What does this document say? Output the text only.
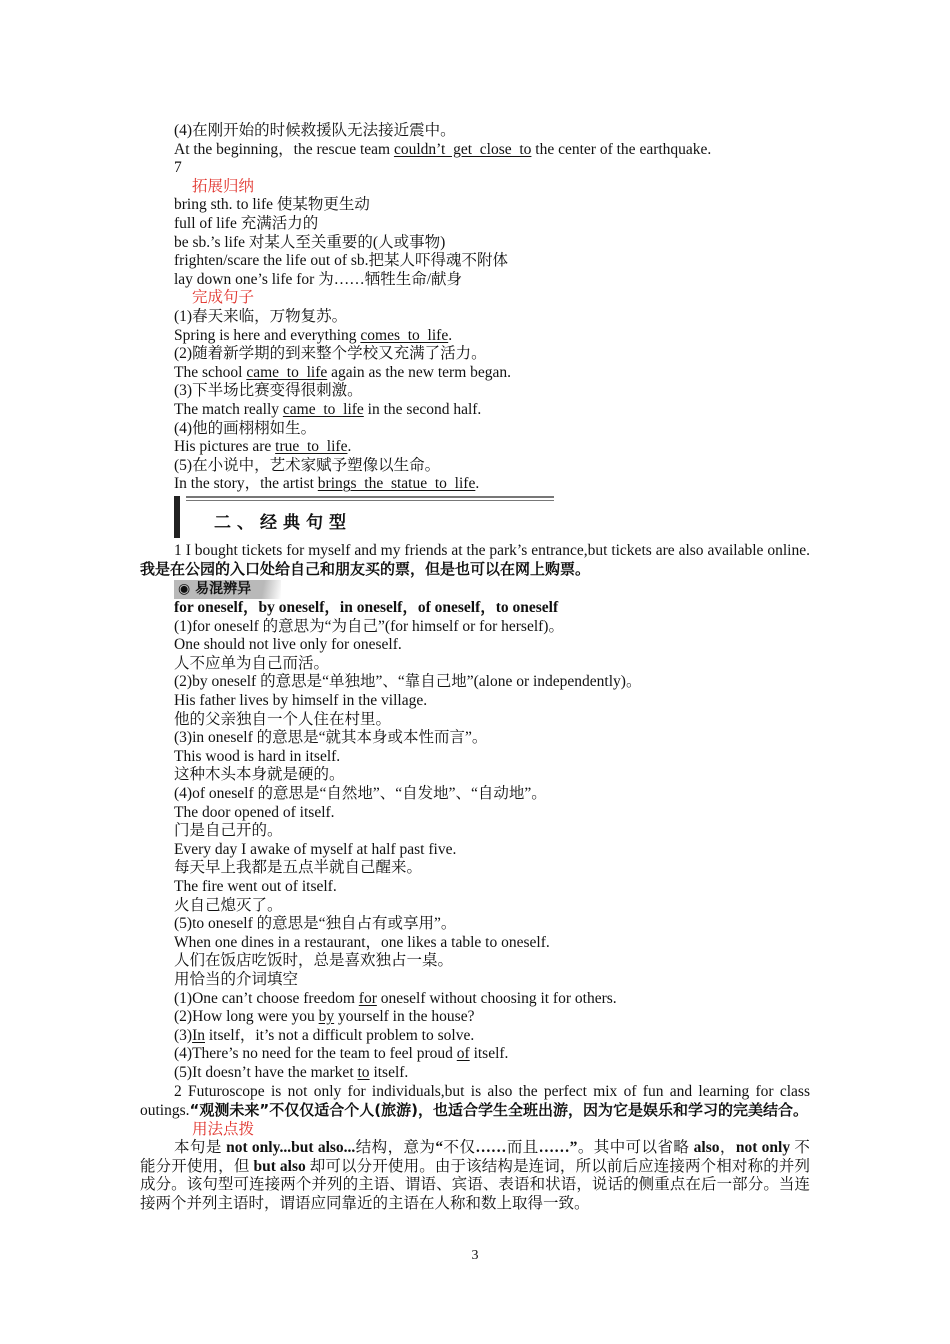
(4)在刚开始的时候救援队无法接近震中。
At the beginning，the rescue team couldn’t  get  close  to the center of the earthquake.
7
拓展归纳
bring sth. to life 使某物更生动
full of life 充满活力的
be sb.’s life 对某人至关重要的(人或事物)
frighten/scare the life out of sb.把某人吓得魂不附体
lay down one’s life for 为……牺牲生命/献身
完成句子
(1)春天来临，万物复苏。
Spring is here and everything comes  to  life.
(2)随着新学期的到来整个学校又充满了活力。
The school came  to  life again as the new term began.
(3)下半场比赛变得很刺激。
The match really came  to  life in the second half.
(4)他的画栩栩如生。
His pictures are true  to  life.
(5)在小说中，艺术家赋予塑像以生命。
In the story，the artist brings  the  statue  to  life.
二、经典句型
1 I bought tickets for myself and my friends at the park’s entrance,but tickets are also available online.我是在公园的入口处给自己和朋友买的票，但是也可以在网上购票。
◉ 易混辨异
for oneself，by oneself，in oneself，of oneself，to oneself
(1)for oneself 的意思为“为自己”(for himself or for herself)。
One should not live only for oneself.
人不应单为自己而活。
(2)by oneself 的意思是“单独地”、“靠自己地”(alone or independently)。
His father lives by himself in the village.
他的父亲独自一个人住在村里。
(3)in oneself 的意思是“就其本身或本性而言”。
This wood is hard in itself.
这种木头本身就是硬的。
(4)of oneself 的意思是“自然地”、“自发地”、“自动地”。
The door opened of itself.
门是自己开的。
Every day I awake of myself at half past five.
每天早上我都是五点半就自己醒来。
The fire went out of itself.
火自己熄灭了。
(5)to oneself 的意思是“独自占有或享用”。
When one dines in a restaurant，one likes a table to oneself.
人们在饭店吃饭时，总是喜欢独占一桌。
用恰当的介词填空
(1)One can’t choose freedom for oneself without choosing it for others.
(2)How long were you by yourself in the house?
(3)In itself，it’s not a difficult problem to solve.
(4)There’s no need for the team to feel proud of itself.
(5)It doesn’t have the market to itself.
2 Futuroscope is not only for individuals,but is also the perfect mix of fun and learning for class outings.“观测未来”不仅仅适合个人(旅游)，也适合学生全班出游，因为它是娱乐和学习的完美结合。
用法点拨
本句是 not only...but also...结构，意为“不仅……而且……”。其中可以省略 also，not only 不能分开使用，但 but also 却可以分开使用。由于该结构是连词，所以前后应连接两个相对称的并列成分。该句型可连接两个并列的主语、谓语、宾语、表语和状语，说话的侧重点在后一部分。当连接两个并列主语时，谓语应同靠近的主语在人称和数上取得一致。
3
